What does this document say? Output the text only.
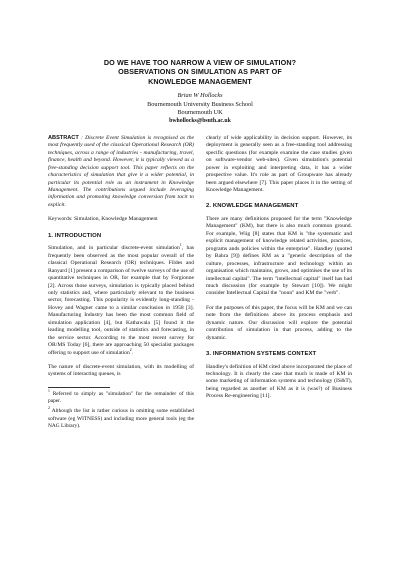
DO WE HAVE TOO NARROW A VIEW OF SIMULATION?
OBSERVATIONS ON SIMULATION AS PART OF
KNOWLEDGE MANAGEMENT
Brian W Hollocks
Bournemouth University Business School
Bournemouth UK
bwhollocks@bsuth.ac.uk

ABSTRACT : Discrete Event Simulation is recognised as the most frequently used of the classical Operational Research (OR) techniques, across a range of industries - manufacturing, travel, finance, health and beyond. However, it is typically viewed as a free-standing decision support tool. This paper reflects on the characteristics of simulation that give it a wider potential, in particular its potential role as an instrument in Knowledge Management. The contributions argued include leveraging information and promoting knowledge conversion from tacit to explicit.

Keywords: Simulation, Knowledge Management

1. INTRODUCTION

Simulation, and in particular discrete-event simulation$^1$, has frequently been observed as the most popular overall of the classical Operational Research (OR) techniques. Fildes and Ranyard [1] present a comparison of twelve surveys of the use of quantitative techniques in OR, for example that by Forgionne [2]. Across those surveys, simulation is typically placed behind only statistics and, where particularly relevant to the business sector, forecasting. This popularity is evidently long-standing - Hovey and Wagner came to a similar conclusion in 1958 [3]. Manufacturing Industry has been the most common field of simulation application [4], but Kathawala [5] found it the leading modelling tool, outside of statistics and forecasting, in the service sector. According to the most recent survey for OR/MS Today [6], there are approaching 50 specialist packages offering to support use of simulation$^2$.

The nature of discrete-event simulation, with its modelling of systems of interacting queues, is

$^1$ Referred to simply as "simulation" for the remainder of this paper.

$^2$ Although the list is rather curious in omitting some established software (eg WITNESS) and including more general tools (eg the NAG Library).

clearly of wide applicability in decision support. However, its deployment is generally seen as a free-standing tool addressing specific questions (for example examine the case studies given on software-vendor web-sites). Given simulation's potential power in exploiting and interpreting data, it has a wider prospective value. It's role as part of Groupware has already been argued elsewhere [7]. This paper places it in the setting of Knowledge Management.

2. KNOWLEDGE MANAGEMENT

There are many definitions proposed for the term "Knowledge Management" (KM), but there is also much common ground. For example, Wiig [8] states that KM is "the systematic and explicit management of knowledge related activities, practices, programs ands policies within the enterprise". Handley (quoted by Bahra [9]) defines KM as a "generic description of the culture, processes, infrastructure and technology within an organisation which maintains, grows, and optimises the use of its intellectual capital". The term "intellectual capital" itself has had much discussion (for example by Stewart [10]). We might consider Intellectual Capital the "noun" and KM the "verb".

For the purposes of this paper, the focus will be KM and we can note from the definitions above its process emphasis and dynamic nature. Our discussion will explore the potential contribution of simulation in that process, adding to the dynamic.

3. INFORMATION SYSTEMS CONTEXT

Handley's definition of KM cited above incorporated the place of technology. It is clearly the case that much is made of KM in some marketing of information systems and technology (IS&T), being regarded as another of KM as it is (was?) of Business Process Re-engineering [11].
